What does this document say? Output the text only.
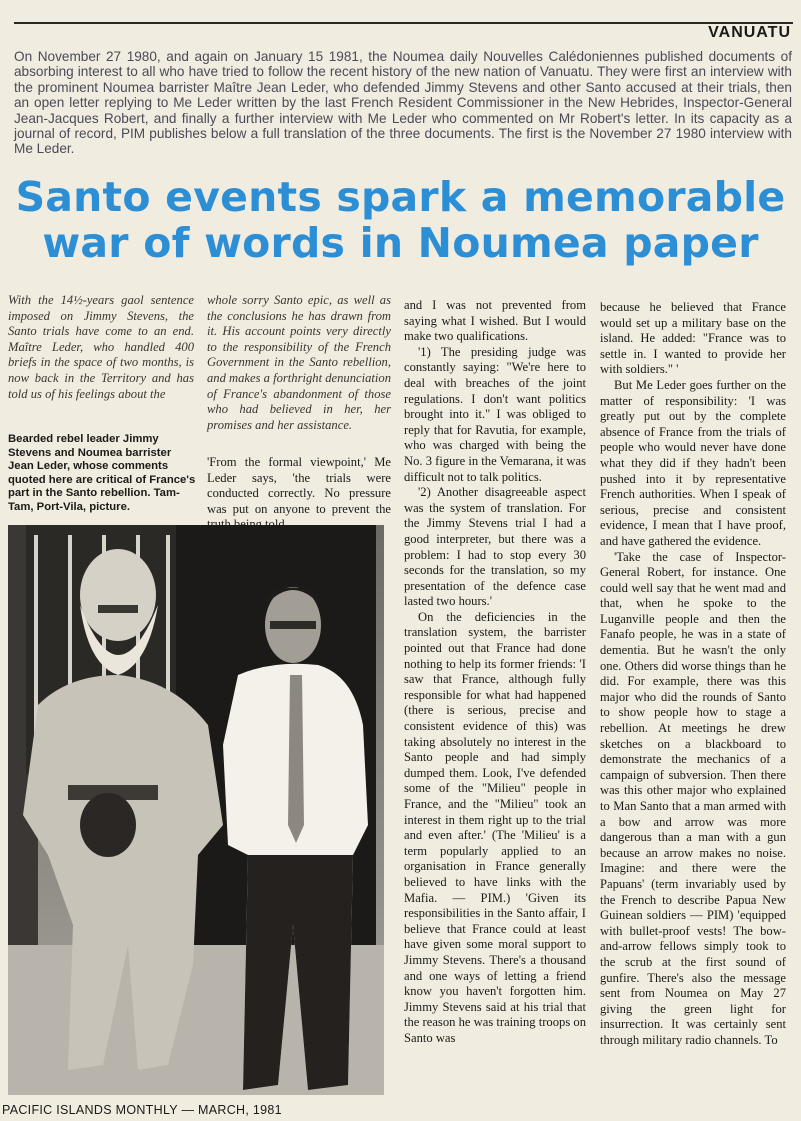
VANUATU
On November 27 1980, and again on January 15 1981, the Noumea daily Nouvelles Calédoniennes published documents of absorbing interest to all who have tried to follow the recent history of the new nation of Vanuatu. They were first an interview with the prominent Noumea barrister Maître Jean Leder, who defended Jimmy Stevens and other Santo accused at their trials, then an open letter replying to Me Leder written by the last French Resident Commissioner in the New Hebrides, Inspector-General Jean-Jacques Robert, and finally a further interview with Me Leder who commented on Mr Robert's letter. In its capacity as a journal of record, PIM publishes below a full translation of the three documents. The first is the November 27 1980 interview with Me Leder.
Santo events spark a memorable
war of words in Noumea paper
With the 14½-years gaol sentence imposed on Jimmy Stevens, the Santo trials have come to an end. Maître Leder, who handled 400 briefs in the space of two months, is now back in the Territory and has told us of his feelings about the
Bearded rebel leader Jimmy Stevens and Noumea barrister Jean Leder, whose comments quoted here are critical of France's part in the Santo rebellion. Tam-Tam, Port-Vila, picture.
whole sorry Santo epic, as well as the conclusions he has drawn from it. His account points very directly to the responsibility of the French Government in the Santo rebellion, and makes a forthright denunciation of France's abandonment of those who had believed in her, her promises and her assistance.
'From the formal viewpoint,' Me Leder says, 'the trials were conducted correctly. No pressure was put on anyone to prevent the truth being told,

and I was not prevented from saying what I wished. But I would make two qualifications.

'1) The presiding judge was constantly saying: "We're here to deal with breaches of the joint regulations. I don't want politics brought into it." I was obliged to reply that for Ravutia, for example, who was charged with being the No. 3 figure in the Vemarana, it was difficult not to talk politics.

'2) Another disagreeable aspect was the system of translation. For the Jimmy Stevens trial I had a good interpreter, but there was a problem: I had to stop every 30 seconds for the translation, so my presentation of the defence case lasted two hours.'

On the deficiencies in the translation system, the barrister pointed out that France had done nothing to help its former friends: 'I saw that France, although fully responsible for what had happened (there is serious, precise and consistent evidence of this) was taking absolutely no interest in the Santo people and had simply dumped them. Look, I've defended some of the "Milieu" people in France, and the "Milieu" took an interest in them right up to the trial and even after.' (The 'Milieu' is a term popularly applied to an organisation in France generally believed to have links with the Mafia. — PIM.) 'Given its responsibilities in the Santo affair, I believe that France could at least have given some moral support to Jimmy Stevens. There's a thousand and one ways of letting a friend know you haven't forgotten him. Jimmy Stevens said at his trial that the reason he was training troops on Santo was

because he believed that France would set up a military base on the island. He added: "France was to settle in. I wanted to provide her with soldiers." '

But Me Leder goes further on the matter of responsibility: 'I was greatly put out by the complete absence of France from the trials of people who would never have done what they did if they hadn't been pushed into it by representative French authorities. When I speak of serious, precise and consistent evidence, I mean that I have proof, and have gathered the evidence.

'Take the case of Inspector-General Robert, for instance. One could well say that he went mad and that, when he spoke to the Luganville people and then the Fanafo people, he was in a state of dementia. But he wasn't the only one. Others did worse things than he did. For example, there was this major who did the rounds of Santo to show people how to stage a rebellion. At meetings he drew sketches on a blackboard to demonstrate the mechanics of a campaign of subversion. Then there was this other major who explained to Man Santo that a man armed with a bow and arrow was more dangerous than a man with a gun because an arrow makes no noise. Imagine: and there were the Papuans' (term invariably used by the French to describe Papua New Guinean soldiers — PIM) 'equipped with bullet-proof vests! The bow-and-arrow fellows simply took to the scrub at the first sound of gunfire. There's also the message sent from Noumea on May 27 giving the green light for insurrection. It was certainly sent through military radio channels. To

PACIFIC ISLANDS MONTHLY — MARCH, 1981
